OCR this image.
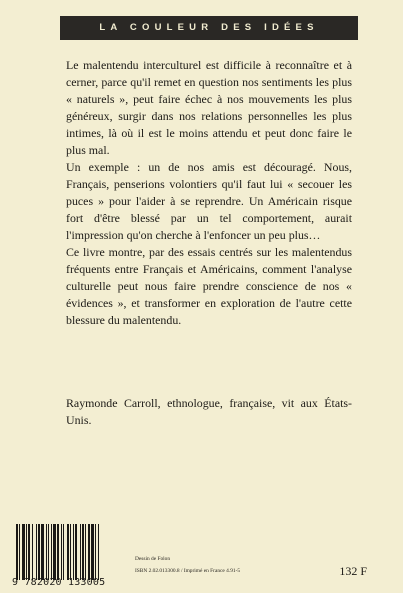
LA COULEUR DES IDÉES

Le malentendu interculturel est difficile à reconnaître et à cerner, parce qu'il remet en question nos sentiments les plus « naturels », peut faire échec à nos mouvements les plus généreux, surgir dans nos relations personnelles les plus intimes, là où il est le moins attendu et peut donc faire le plus mal.

Un exemple : un de nos amis est découragé. Nous, Français, penserions volontiers qu'il faut lui « secouer les puces » pour l'aider à se reprendre. Un Américain risque fort d'être blessé par un tel comportement, aurait l'impression qu'on cherche à l'enfoncer un peu plus…

Ce livre montre, par des essais centrés sur les malentendus fréquents entre Français et Américains, comment l'analyse culturelle peut nous faire prendre conscience de nos « évidences », et transformer en exploration de l'autre cette blessure du malentendu.

Raymonde Carroll, ethnologue, française, vit aux États-Unis.
9 782020 133005
Dessin de Folon
ISBN 2.02.013300.8 / Imprimé en France 4.91-5	132 F
